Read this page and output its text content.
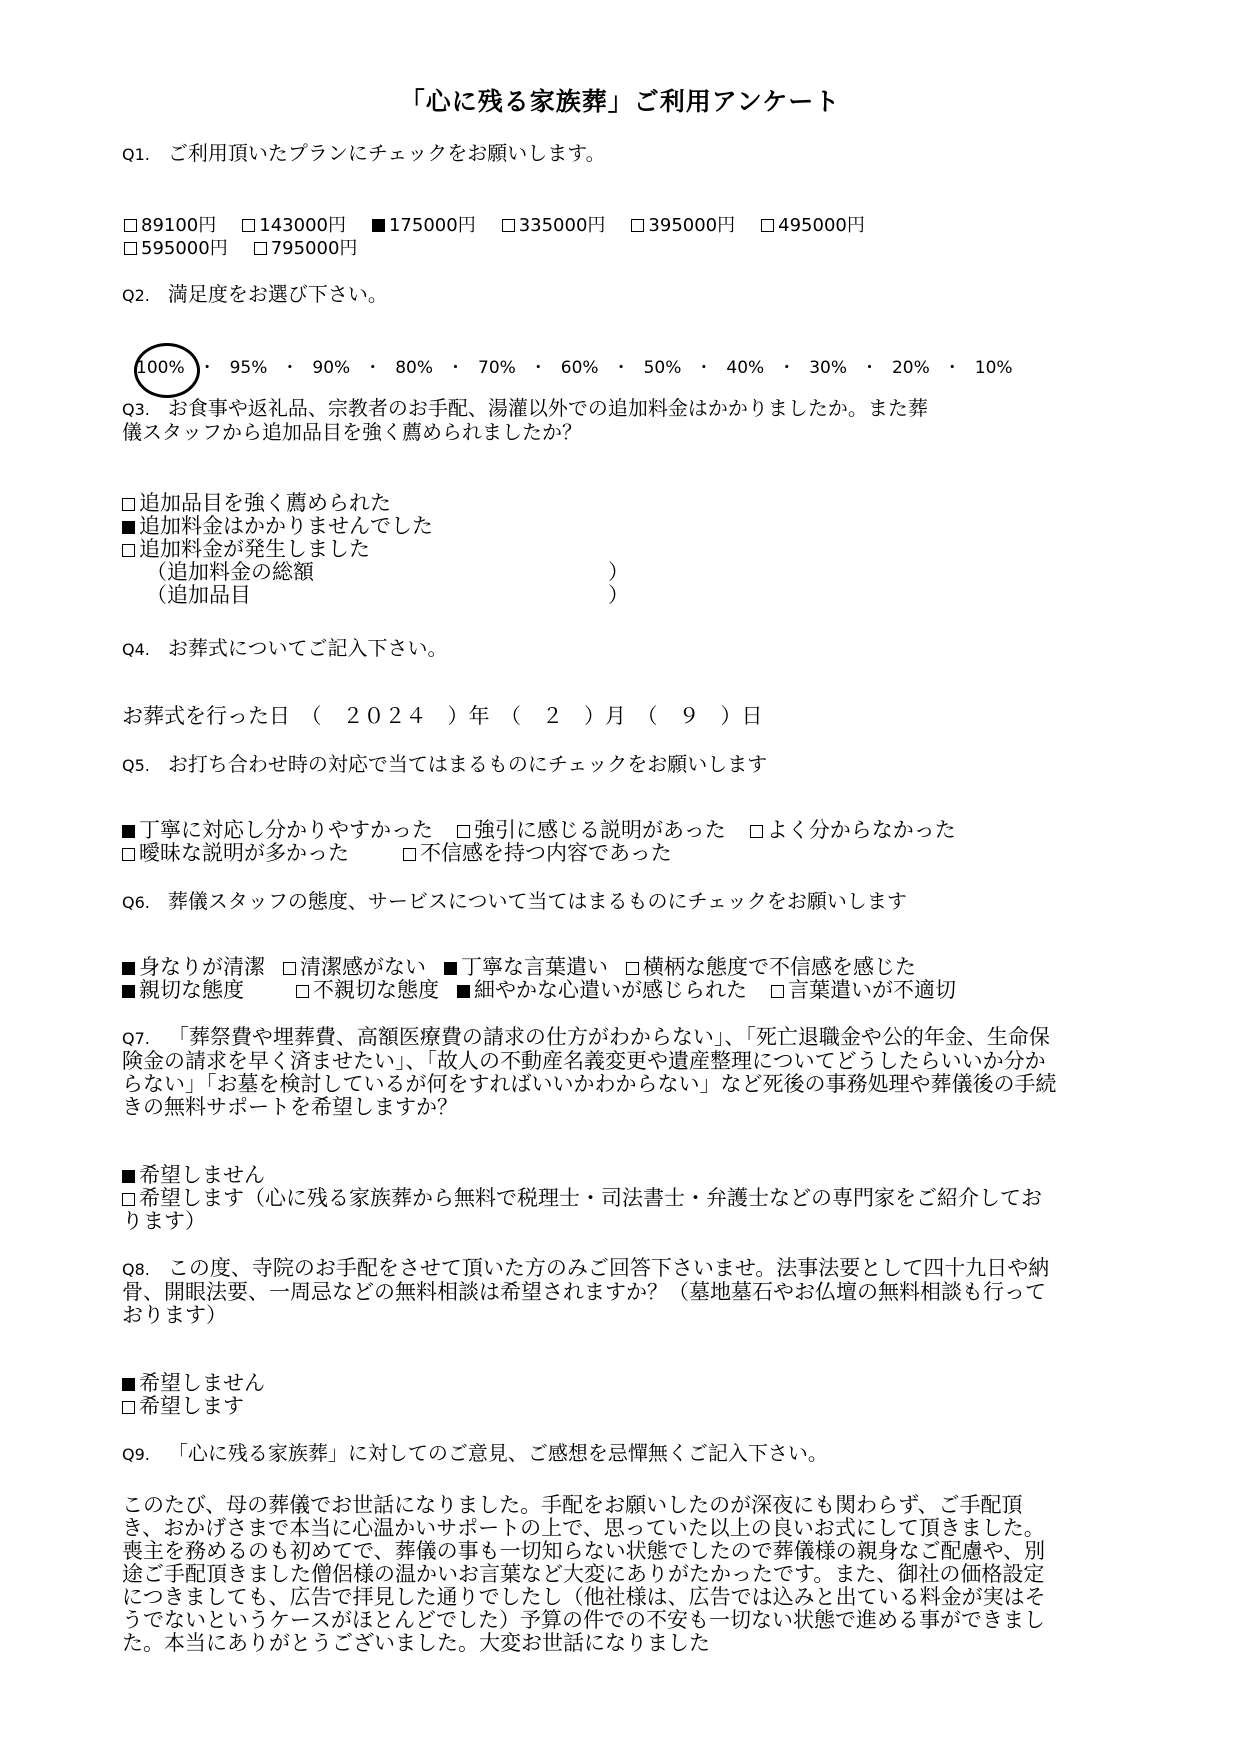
「心に残る家族葬」ご利用アンケート
Q1. ご利用頂いたプランにチェックをお願いします。
89100円 143000円 175000円 335000円 395000円 495000円
595000円 795000円
Q2. 満足度をお選び下さい。
100% ・ 95% ・ 90% ・ 80% ・ 70% ・ 60% ・ 50% ・ 40% ・ 30% ・ 20% ・ 10%
Q3. お食事や返礼品、宗教者のお手配、湯灌以外での追加料金はかかりましたか。また葬
儀スタッフから追加品目を強く薦められましたか？
追加品目を強く薦められた
追加料金はかかりませんでした
追加料金が発生しました
（追加料金の総額	）
（追加品目	）
Q4. お葬式についてご記入下さい。
お葬式を行った日　（　２０２４　）年　（　２　）月　（　９　）日
Q5. お打ち合わせ時の対応で当てはまるものにチェックをお願いします
丁寧に対応し分かりやすかった 強引に感じる説明があった よく分からなかった
曖昧な説明が多かった	不信感を持つ内容であった
Q6. 葬儀スタッフの態度、サービスについて当てはまるものにチェックをお願いします
身なりが清潔 清潔感がない 丁寧な言葉遣い 横柄な態度で不信感を感じた
親切な態度	不親切な態度 細やかな心遣いが感じられた 言葉遣いが不適切
Q7. 「葬祭費や埋葬費、高額医療費の請求の仕方がわからない」、「死亡退職金や公的年金、生命保険金の請求を早く済ませたい」、「故人の不動産名義変更や遺産整理についてどうしたらいいか分からない」「お墓を検討しているが何をすればいいかわからない」など死後の事務処理や葬儀後の手続きの無料サポートを希望しますか？
希望しません
希望します（心に残る家族葬から無料で税理士・司法書士・弁護士などの専門家をご紹介しております）
Q8. この度、寺院のお手配をさせて頂いた方のみご回答下さいませ。法事法要として四十九日や納骨、開眼法要、一周忌などの無料相談は希望されますか？（墓地墓石やお仏壇の無料相談も行っております）
希望しません
希望します
Q9. 「心に残る家族葬」に対してのご意見、ご感想を忌憚無くご記入下さい。
このたび、母の葬儀でお世話になりました。手配をお願いしたのが深夜にも関わらず、ご手配頂き、おかげさまで本当に心温かいサポートの上で、思っていた以上の良いお式にして頂きました。喪主を務めるのも初めてで、葬儀の事も一切知らない状態でしたので葬儀様の親身なご配慮や、別途ご手配頂きました僧侶様の温かいお言葉など大変にありがたかったです。また、御社の価格設定につきましても、広告で拝見した通りでしたし（他社様は、広告では込みと出ている料金が実はそうでないというケースがほとんどでした）予算の件での不安も一切ない状態で進める事ができました。本当にありがとうございました。大変お世話になりました
